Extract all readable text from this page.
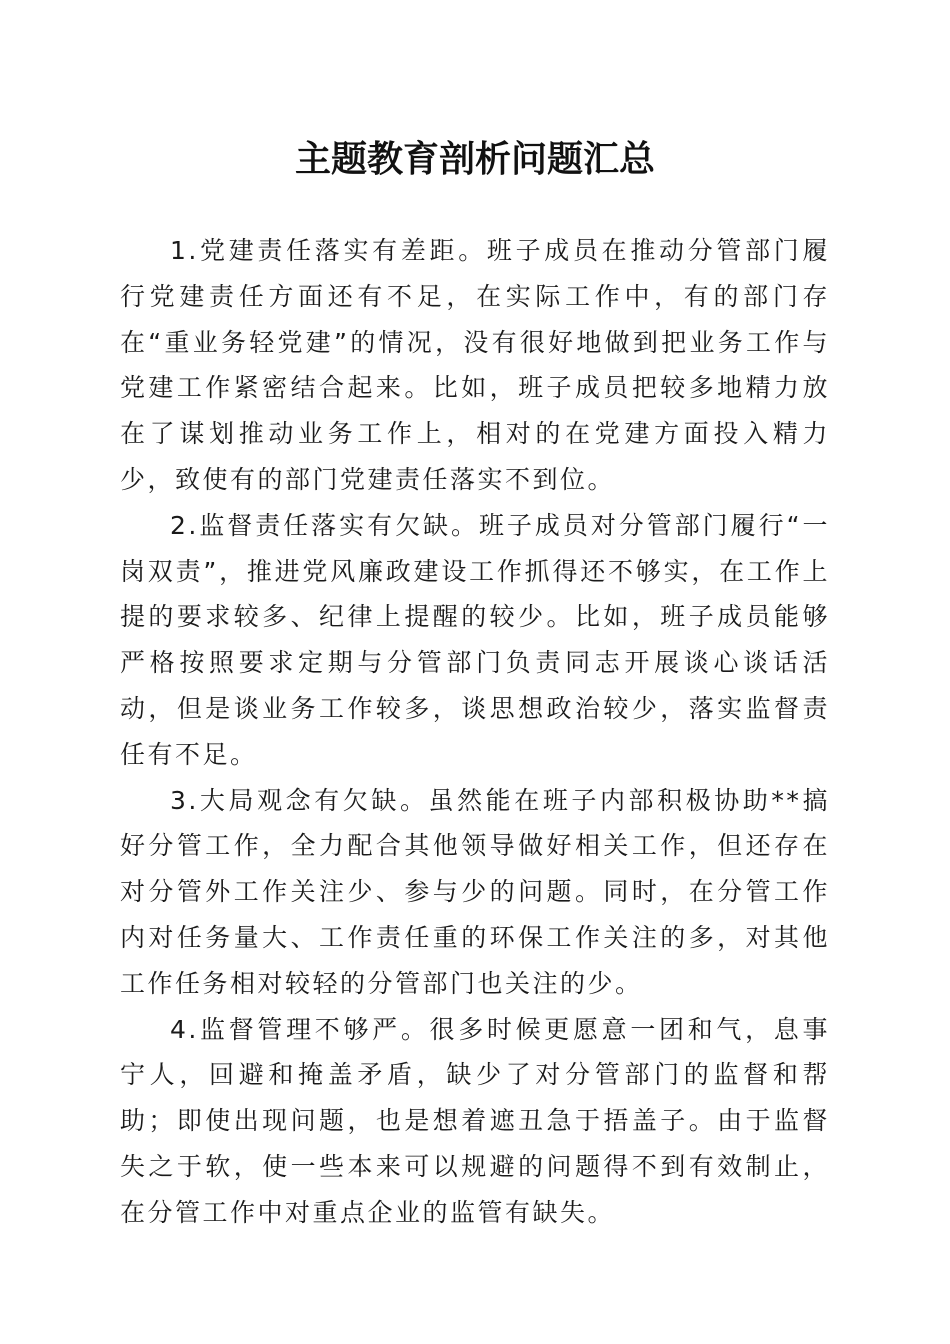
主题教育剖析问题汇总

1.党建责任落实有差距。班子成员在推动分管部门履行党建责任方面还有不足，在实际工作中，有的部门存在“重业务轻党建”的情况，没有很好地做到把业务工作与党建工作紧密结合起来。比如，班子成员把较多地精力放在了谋划推动业务工作上，相对的在党建方面投入精力少，致使有的部门党建责任落实不到位。

2.监督责任落实有欠缺。班子成员对分管部门履行“一岗双责”，推进党风廉政建设工作抓得还不够实，在工作上提的要求较多、纪律上提醒的较少。比如，班子成员能够严格按照要求定期与分管部门负责同志开展谈心谈话活动，但是谈业务工作较多，谈思想政治较少，落实监督责任有不足。

3.大局观念有欠缺。虽然能在班子内部积极协助**搞好分管工作，全力配合其他领导做好相关工作，但还存在对分管外工作关注少、参与少的问题。同时，在分管工作内对任务量大、工作责任重的环保工作关注的多，对其他工作任务相对较轻的分管部门也关注的少。

4.监督管理不够严。很多时候更愿意一团和气，息事宁人，回避和掩盖矛盾，缺少了对分管部门的监督和帮助；即使出现问题，也是想着遮丑急于捂盖子。由于监督失之于软，使一些本来可以规避的问题得不到有效制止，在分管工作中对重点企业的监管有缺失。
